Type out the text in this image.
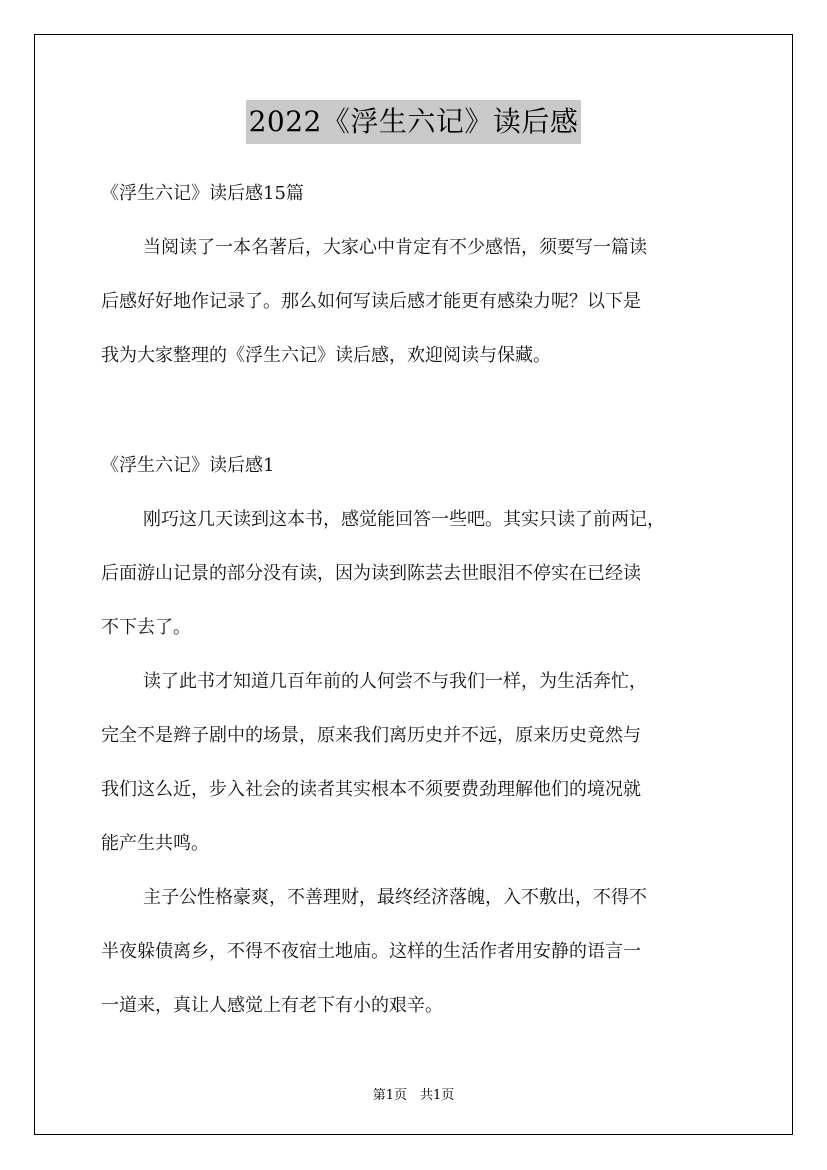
2022《浮生六记》读后感

《浮生六记》读后感15篇

当阅读了一本名著后，大家心中肯定有不少感悟，须要写一篇读

后感好好地作记录了。那么如何写读后感才能更有感染力呢？以下是

我为大家整理的《浮生六记》读后感，欢迎阅读与保藏。

《浮生六记》读后感1

刚巧这几天读到这本书，感觉能回答一些吧。其实只读了前两记，

后面游山记景的部分没有读，因为读到陈芸去世眼泪不停实在已经读

不下去了。

读了此书才知道几百年前的人何尝不与我们一样，为生活奔忙，

完全不是辫子剧中的场景，原来我们离历史并不远，原来历史竟然与

我们这么近，步入社会的读者其实根本不须要费劲理解他们的境况就

能产生共鸣。

主子公性格豪爽，不善理财，最终经济落魄，入不敷出，不得不

半夜躲债离乡，不得不夜宿土地庙。这样的生活作者用安静的语言一

一道来，真让人感觉上有老下有小的艰辛。

第1页　共1页
